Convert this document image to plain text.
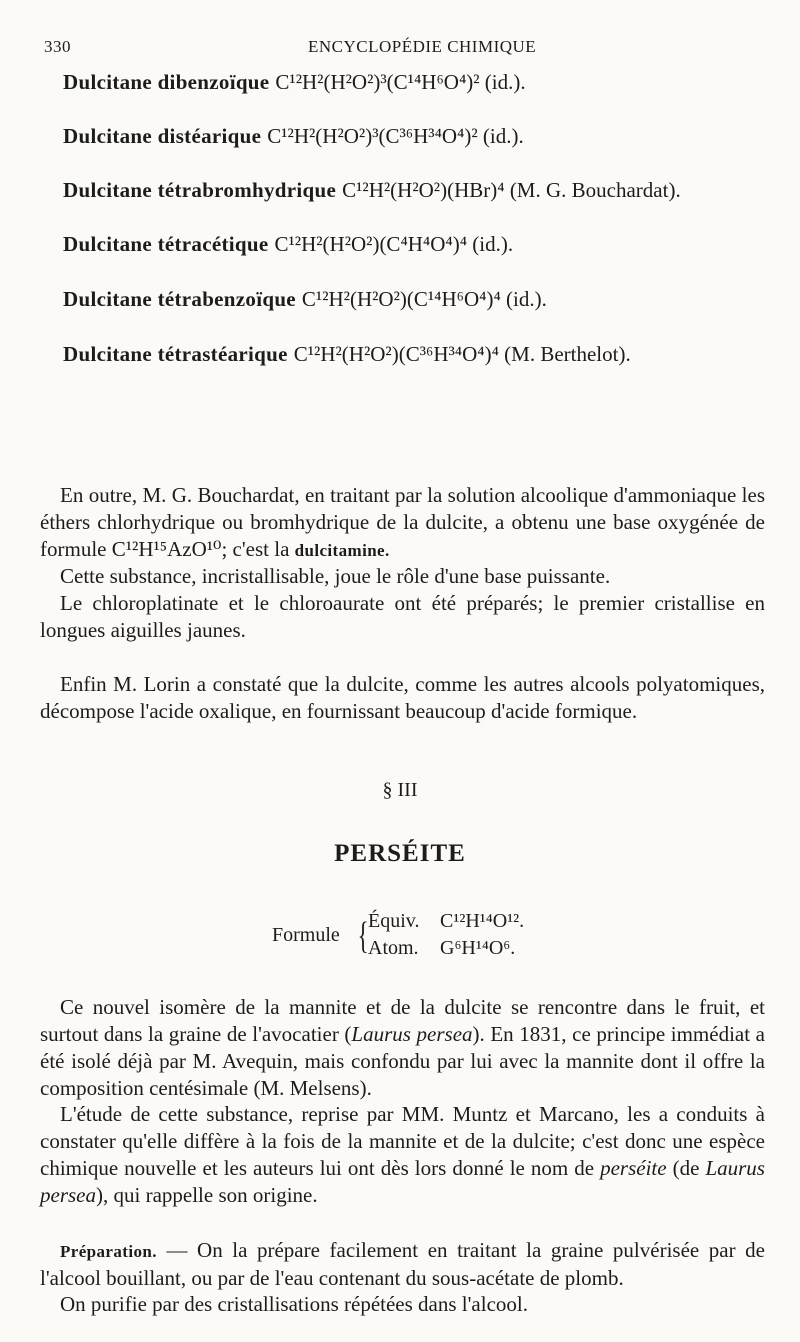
330	ENCYCLOPÉDIE CHIMIQUE
Dulcitane dibenzoïque C¹²H²(H²O²)³(C¹⁴H⁶O⁴)² (id.).
Dulcitane distéarique C¹²H²(H²O²)³(C³⁶H³⁴O⁴)² (id.).
Dulcitane tétrabromhydrique C¹²H²(H²O²)(HBr)⁴ (M. G. Bouchardat).
Dulcitane tétracétique C¹²H²(H²O²)(C⁴H⁴O⁴)⁴ (id.).
Dulcitane tétrabenzoïque C¹²H²(H²O²)(C¹⁴H⁶O⁴)⁴ (id.).
Dulcitane tétrastéarique C¹²H²(H²O²)(C³⁶H³⁴O⁴)⁴ (M. Berthelot).
En outre, M. G. Bouchardat, en traitant par la solution alcoolique d'ammoniaque les éthers chlorhydrique ou bromhydrique de la dulcite, a obtenu une base oxygénée de formule C¹²H¹⁵AzO¹⁰; c'est la dulcitamine.
Cette substance, incristallisable, joue le rôle d'une base puissante.
Le chloroplatinate et le chloroaurate ont été préparés; le premier cristallise en longues aiguilles jaunes.
Enfin M. Lorin a constaté que la dulcite, comme les autres alcools polyatomiques, décompose l'acide oxalique, en fournissant beaucoup d'acide formique.
§ III
PERSÉITE
Formule { Équiv. C¹²H¹⁴O¹².
Atom. G⁶H¹⁴O⁶.
Ce nouvel isomère de la mannite et de la dulcite se rencontre dans le fruit, et surtout dans la graine de l'avocatier (Laurus persea). En 1831, ce principe immédiat a été isolé déjà par M. Avequin, mais confondu par lui avec la mannite dont il offre la composition centésimale (M. Melsens).
L'étude de cette substance, reprise par MM. Muntz et Marcano, les a conduits à constater qu'elle diffère à la fois de la mannite et de la dulcite; c'est donc une espèce chimique nouvelle et les auteurs lui ont dès lors donné le nom de perséite (de Laurus persea), qui rappelle son origine.
Préparation. — On la prépare facilement en traitant la graine pulvérisée par de l'alcool bouillant, ou par de l'eau contenant du sous-acétate de plomb.
On purifie par des cristallisations répétées dans l'alcool.
